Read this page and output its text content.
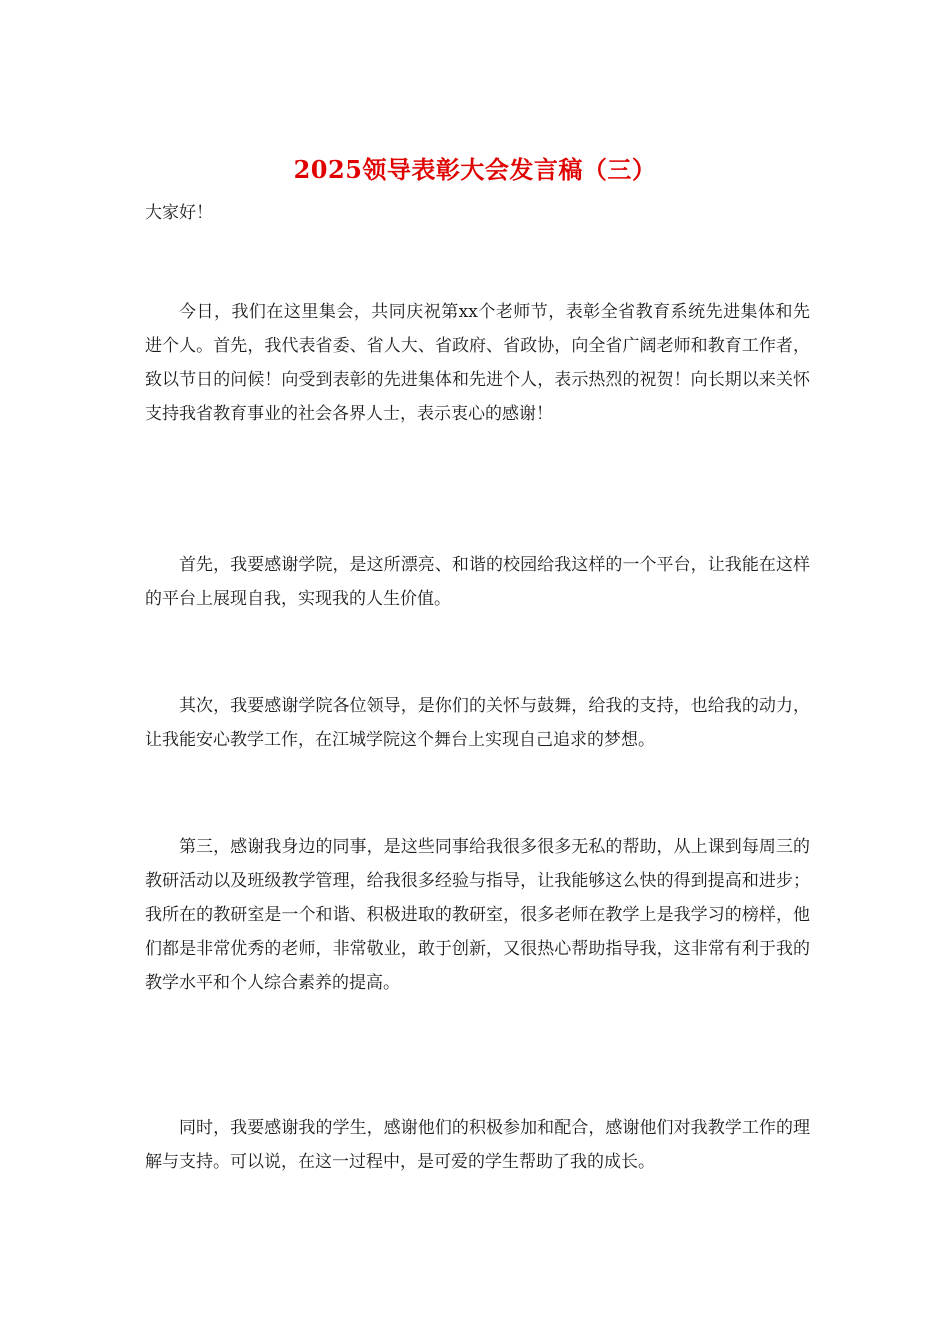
2025领导表彰大会发言稿（三）
大家好！

今日，我们在这里集会，共同庆祝第xx个老师节，表彰全省教育系统先进集体和先进个人。首先，我代表省委、省人大、省政府、省政协，向全省广阔老师和教育工作者，致以节日的问候！向受到表彰的先进集体和先进个人，表示热烈的祝贺！向长期以来关怀支持我省教育事业的社会各界人士，表示衷心的感谢！

首先，我要感谢学院，是这所漂亮、和谐的校园给我这样的一个平台，让我能在这样的平台上展现自我，实现我的人生价值。

其次，我要感谢学院各位领导，是你们的关怀与鼓舞，给我的支持，也给我的动力，让我能安心教学工作，在江城学院这个舞台上实现自己追求的梦想。

第三，感谢我身边的同事，是这些同事给我很多很多无私的帮助，从上课到每周三的教研活动以及班级教学管理，给我很多经验与指导，让我能够这么快的得到提高和进步；我所在的教研室是一个和谐、积极进取的教研室，很多老师在教学上是我学习的榜样，他们都是非常优秀的老师，非常敬业，敢于创新，又很热心帮助指导我，这非常有利于我的教学水平和个人综合素养的提高。

同时，我要感谢我的学生，感谢他们的积极参加和配合，感谢他们对我教学工作的理解与支持。可以说，在这一过程中，是可爱的学生帮助了我的成长。
